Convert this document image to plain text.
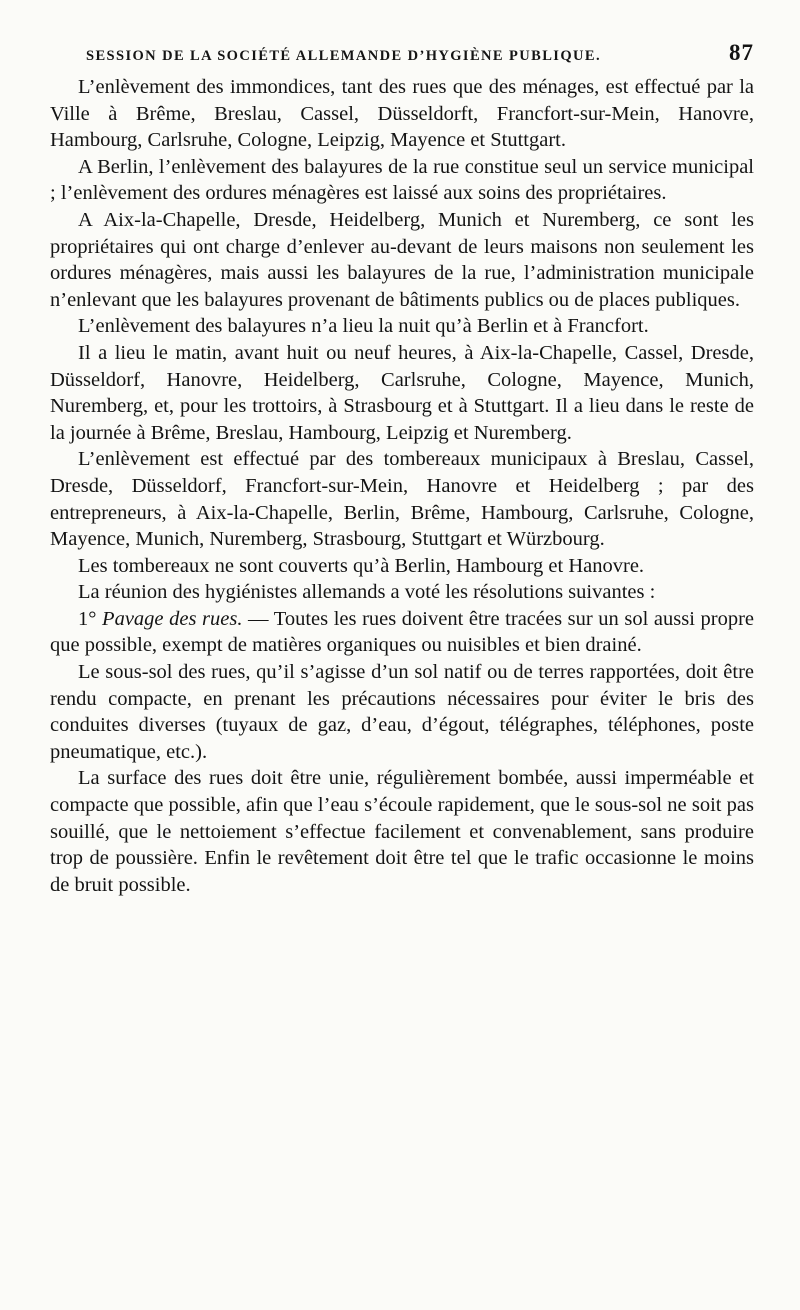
SESSION DE LA SOCIÉTÉ ALLEMANDE D’HYGIÈNE PUBLIQUE.	87

L’enlèvement des immondices, tant des rues que des ménages, est effectué par la Ville à Brême, Breslau, Cassel, Düsseldorft, Francfort-sur-Mein, Hanovre, Hambourg, Carlsruhe, Cologne, Leipzig, Mayence et Stuttgart.

A Berlin, l’enlèvement des balayures de la rue constitue seul un service municipal ; l’enlèvement des ordures ménagères est laissé aux soins des propriétaires.

A Aix-la-Chapelle, Dresde, Heidelberg, Munich et Nuremberg, ce sont les propriétaires qui ont charge d’enlever au-devant de leurs maisons non seulement les ordures ménagères, mais aussi les balayures de la rue, l’administration municipale n’enlevant que les balayures provenant de bâtiments publics ou de places publiques.

L’enlèvement des balayures n’a lieu la nuit qu’à Berlin et à Francfort.

Il a lieu le matin, avant huit ou neuf heures, à Aix-la-Chapelle, Cassel, Dresde, Düsseldorf, Hanovre, Heidelberg, Carlsruhe, Cologne, Mayence, Munich, Nuremberg, et, pour les trottoirs, à Strasbourg et à Stuttgart. Il a lieu dans le reste de la journée à Brême, Breslau, Hambourg, Leipzig et Nuremberg.

L’enlèvement est effectué par des tombereaux municipaux à Breslau, Cassel, Dresde, Düsseldorf, Francfort-sur-Mein, Hanovre et Heidelberg ; par des entrepreneurs, à Aix-la-Chapelle, Berlin, Brême, Hambourg, Carlsruhe, Cologne, Mayence, Munich, Nuremberg, Strasbourg, Stuttgart et Würzbourg.

Les tombereaux ne sont couverts qu’à Berlin, Hambourg et Hanovre.

La réunion des hygiénistes allemands a voté les résolutions suivantes :

1° Pavage des rues. — Toutes les rues doivent être tracées sur un sol aussi propre que possible, exempt de matières organiques ou nuisibles et bien drainé.

Le sous-sol des rues, qu’il s’agisse d’un sol natif ou de terres rapportées, doit être rendu compacte, en prenant les précautions nécessaires pour éviter le bris des conduites diverses (tuyaux de gaz, d’eau, d’égout, télégraphes, téléphones, poste pneumatique, etc.).

La surface des rues doit être unie, régulièrement bombée, aussi imperméable et compacte que possible, afin que l’eau s’écoule rapidement, que le sous-sol ne soit pas souillé, que le nettoiement s’effectue facilement et convenablement, sans produire trop de poussière. Enfin le revêtement doit être tel que le trafic occasionne le moins de bruit possible.
